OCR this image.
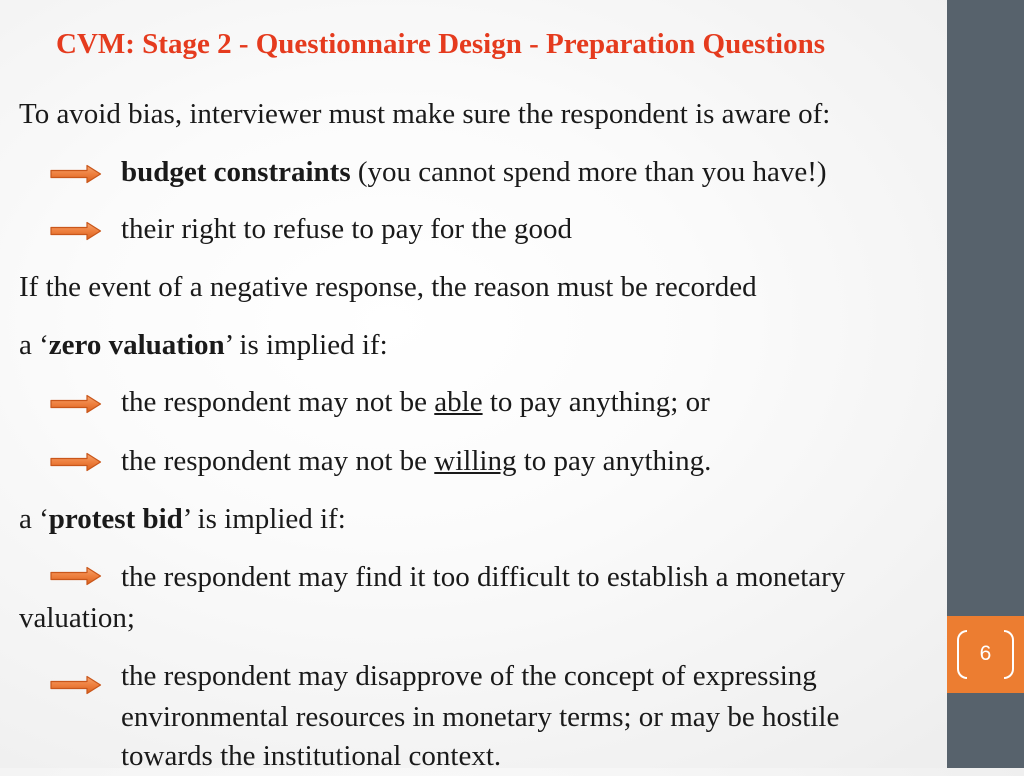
6
CVM: Stage 2 - Questionnaire Design - Preparation Questions
To avoid bias, interviewer must make sure the respondent is aware of:
budget constraints (you cannot spend more than you have!)
their right to refuse to pay for the good
If the event of a negative response, the reason must be recorded
a ‘zero valuation’ is implied if:
the respondent may not be able to pay anything; or
the respondent may not be willing to pay anything.
a ‘protest bid’ is implied if:
the respondent may find it too difficult to establish a monetary
valuation;
the respondent may disapprove of the concept of expressing
environmental resources in monetary terms; or may be hostile
towards the institutional context.
